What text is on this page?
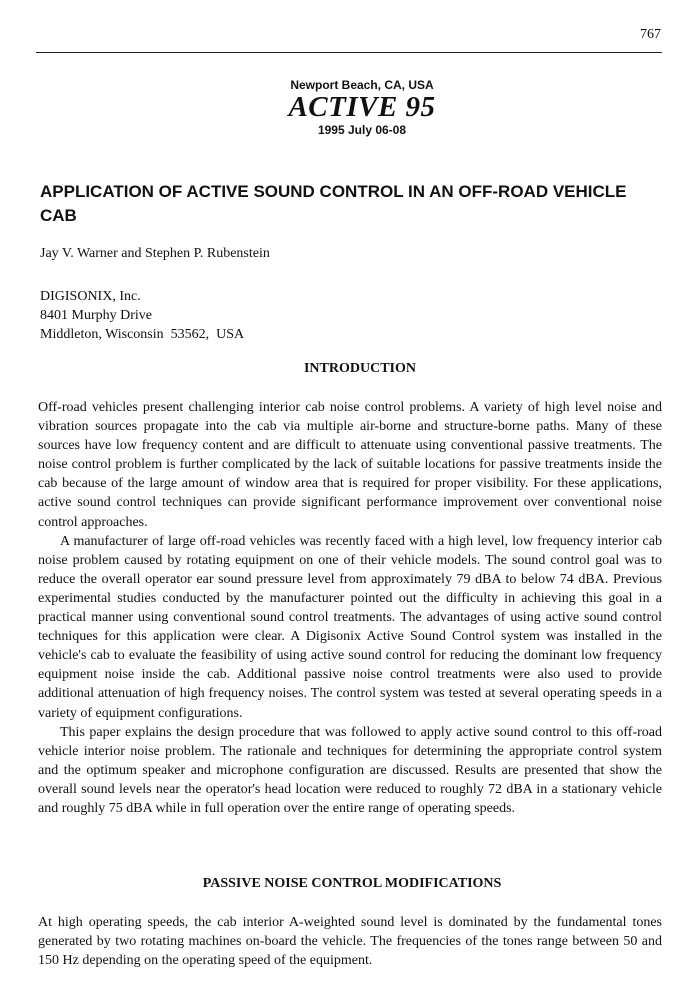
767
Newport Beach, CA, USA
ACTIVE 95
1995 July 06-08
APPLICATION OF ACTIVE SOUND CONTROL IN AN OFF-ROAD VEHICLE CAB
Jay V. Warner and Stephen P. Rubenstein
DIGISONIX, Inc.
8401 Murphy Drive
Middleton, Wisconsin  53562,  USA
INTRODUCTION

Off-road vehicles present challenging interior cab noise control problems. A variety of high level noise and vibration sources propagate into the cab via multiple air-borne and structure-borne paths. Many of these sources have low frequency content and are difficult to attenuate using conventional passive treatments. The noise control problem is further complicated by the lack of suitable locations for passive treatments inside the cab because of the large amount of window area that is required for proper visibility. For these applications, active sound control techniques can provide significant performance improvement over conventional noise control approaches.

A manufacturer of large off-road vehicles was recently faced with a high level, low frequency interior cab noise problem caused by rotating equipment on one of their vehicle models. The sound control goal was to reduce the overall operator ear sound pressure level from approximately 79 dBA to below 74 dBA. Previous experimental studies conducted by the manufacturer pointed out the difficulty in achieving this goal in a practical manner using conventional sound control treatments. The advantages of using active sound control techniques for this application were clear. A Digisonix Active Sound Control system was installed in the vehicle's cab to evaluate the feasibility of using active sound control for reducing the dominant low frequency equipment noise inside the cab. Additional passive noise control treatments were also used to provide additional attenuation of high frequency noises. The control system was tested at several operating speeds in a variety of equipment configurations.

This paper explains the design procedure that was followed to apply active sound control to this off-road vehicle interior noise problem. The rationale and techniques for determining the appropriate control system and the optimum speaker and microphone configuration are discussed. Results are presented that show the overall sound levels near the operator's head location were reduced to roughly 72 dBA in a stationary vehicle and roughly 75 dBA while in full operation over the entire range of operating speeds.

PASSIVE NOISE CONTROL MODIFICATIONS

At high operating speeds, the cab interior A-weighted sound level is dominated by the fundamental tones generated by two rotating machines on-board the vehicle. The frequencies of the tones range between 50 and 150 Hz depending on the operating speed of the equipment.
